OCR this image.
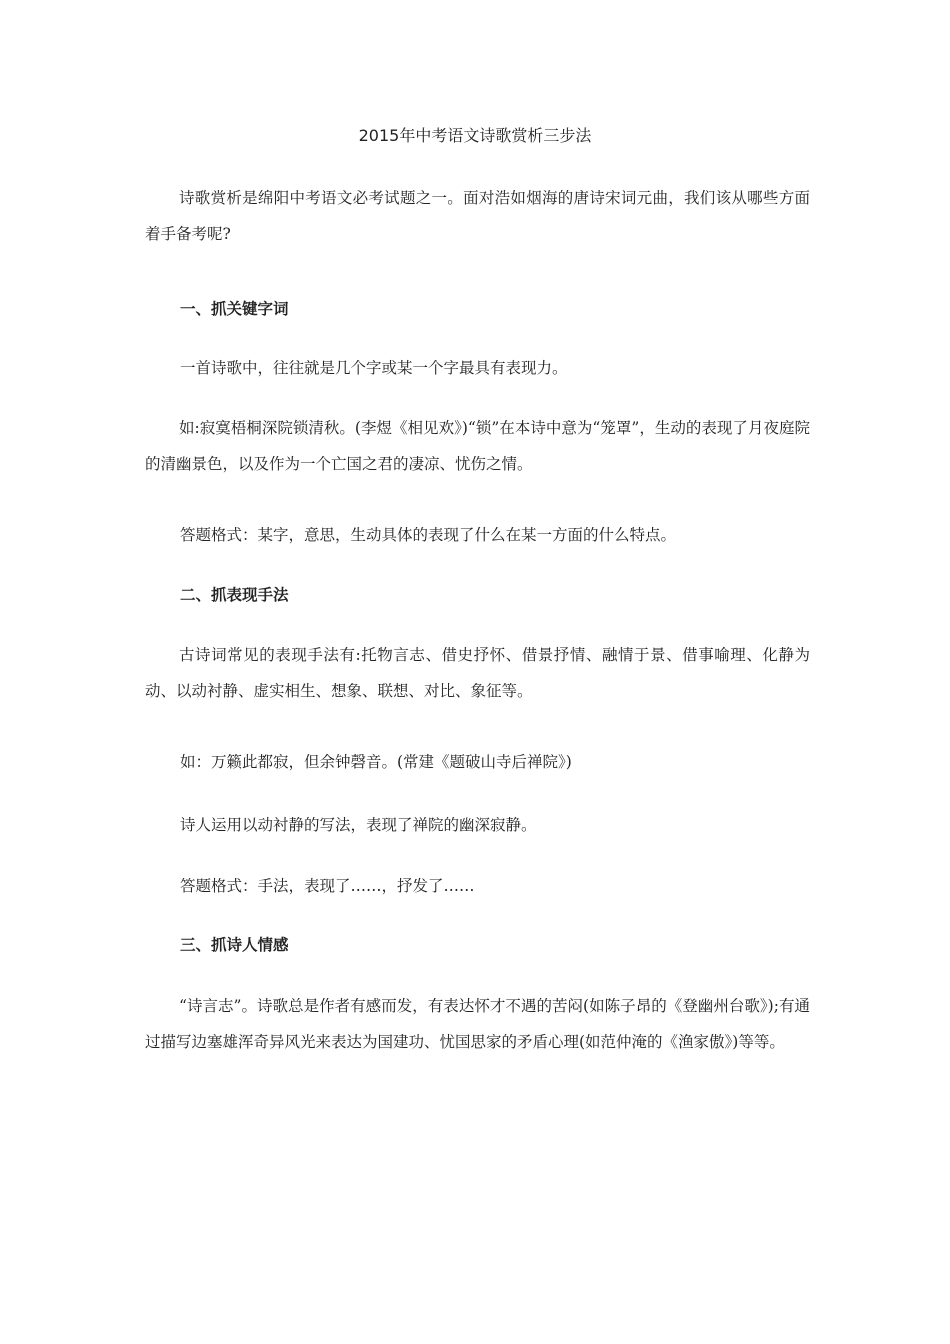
2015年中考语文诗歌赏析三步法

诗歌赏析是绵阳中考语文必考试题之一。面对浩如烟海的唐诗宋词元曲，我们该从哪些方面着手备考呢?

一、抓关键字词

一首诗歌中，往往就是几个字或某一个字最具有表现力。

如:寂寞梧桐深院锁清秋。(李煜《相见欢》)“锁”在本诗中意为“笼罩”，生动的表现了月夜庭院的清幽景色，以及作为一个亡国之君的凄凉、忧伤之情。

答题格式：某字，意思，生动具体的表现了什么在某一方面的什么特点。

二、抓表现手法

古诗词常见的表现手法有:托物言志、借史抒怀、借景抒情、融情于景、借事喻理、化静为动、以动衬静、虚实相生、想象、联想、对比、象征等。

如：万籁此都寂，但余钟磬音。(常建《题破山寺后禅院》)

诗人运用以动衬静的写法，表现了禅院的幽深寂静。

答题格式：手法，表现了……，抒发了……

三、抓诗人情感

“诗言志”。诗歌总是作者有感而发，有表达怀才不遇的苦闷(如陈子昂的《登幽州台歌》);有通过描写边塞雄浑奇异风光来表达为国建功、忧国思家的矛盾心理(如范仲淹的《渔家傲》)等等。
